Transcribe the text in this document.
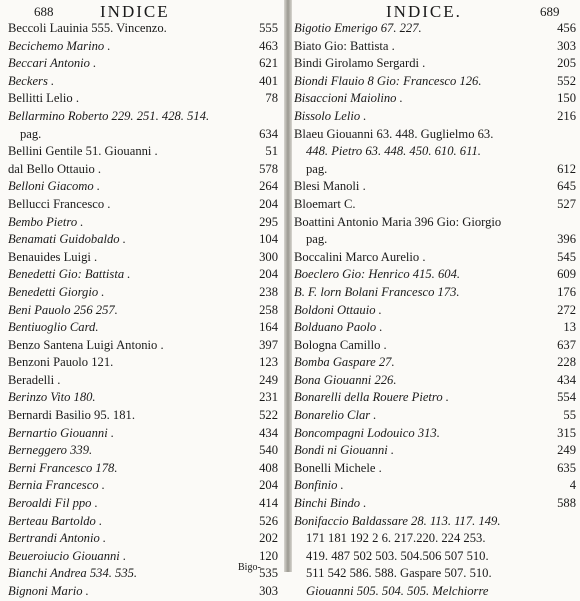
688	INDICE
Beccoli Lauinia 555. Vincenzo.	555
Becichemo Marino .	463
Beccari Antonio .	621
Beckers .	401
Bellitti Lelio .	78
Bellarmino Roberto 229. 251. 428. 514.
pag.	634
Bellini Gentile 51. Giouanni .	51
dal Bello Ottauio .	578
Belloni Giacomo .	264
Bellucci Francesco .	204
Bembo Pietro .	295
Benamati Guidobaldo .	104
Benauides Luigi .	300
Benedetti Gio: Battista .	204
Benedetti Giorgio .	238
Beni Pauolo 256 257.	258
Bentiuoglio Card.	164
Benzo Santena Luigi Antonio .	397
Benzoni Pauolo 121.	123
Beradelli .	249
Berinzo Vito 180.	231
Bernardi Basilio 95. 181.	522
Bernartio Giouanni .	434
Berneggero 339.	540
Berni Francesco 178.	408
Bernia Francesco .	204
Beroaldi Fil ppo .	414
Berteau Bartoldo .	526
Bertrandi Antonio .	202
Beueroiucio Giouanni .	120
Bianchi Andrea 534. 535.	535
Bignoni Mario .	303
INDICE.	689
Bigotio Emerigo 67. 227.	456
Biato Gio: Battista .	303
Bindi Girolamo Sergardi .	205
Biondi Flauio 8 Gio: Francesco 126.	552
Bisaccioni Maiolino .	150
Bissolo Lelio .	216
Blaeu Giouanni 63. 448. Guglielmo 63.
448. Pietro 63. 448. 450. 610. 611.
pag.	612
Blesi Manoli .	645
Bloemart C.	527
Boattini Antonio Maria 396 Gio: Giorgio
pag.	396
Boccalini Marco Aurelio .	545
Boeclero Gio: Henrico 415. 604.	609
B. F. lorn Bolani Francesco 173.	176
Boldoni Ottauio .	272
Bolduano Paolo .	13
Bologna Camillo .	637
Bomba Gaspare 27.	228
Bona Giouanni 226.	434
Bonarelli della Rouere Pietro .	554
Bonarelio Clar .	55
Boncompagni Lodouico 313.	315
Bondi ni Giouanni .	249
Bonelli Michele .	635
Bonfinio .	4
Binchi Bindo .	588
Bonifaccio Baldassare 28. 113. 117. 149.
171 181 192 2 6. 217.220. 224 253.
419. 487 502 503. 504.506 507 510.
511 542 586. 588. Gaspare 507. 510.
Giouanni 505. 504. 505. Melchiorre
Bigo-
